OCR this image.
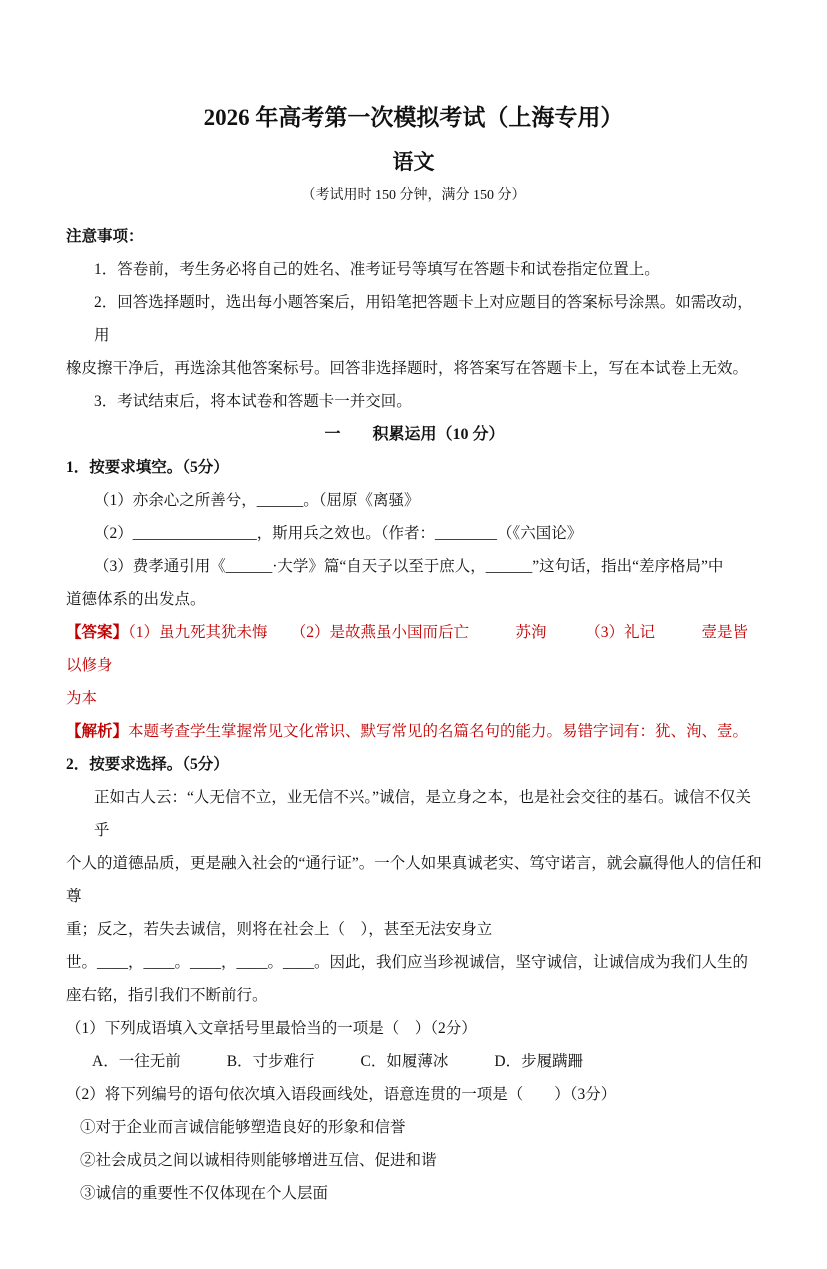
2026 年高考第一次模拟考试（上海专用）
语文
（考试用时 150 分钟，满分 150 分）
注意事项：
1．答卷前，考生务必将自己的姓名、准考证号等填写在答题卡和试卷指定位置上。
2．回答选择题时，选出每小题答案后，用铅笔把答题卡上对应题目的答案标号涂黑。如需改动，用
橡皮擦干净后，再选涂其他答案标号。回答非选择题时，将答案写在答题卡上，写在本试卷上无效。
3．考试结束后，将本试卷和答题卡一并交回。
一　　积累运用（10 分）
1．按要求填空。（5分）
（1）亦余心之所善兮，______。（屈原《离骚》
（2）________________，斯用兵之效也。（作者：________（《六国论》
（3）费孝通引用《______·大学》篇“自天子以至于庶人，______”这句话，指出“差序格局”中
道德体系的出发点。
【答案】（1）虽九死其犹未悔　　（2）是故燕虽小国而后亡　　　苏洵　　　（3）礼记　　　壹是皆以修身
为本
【解析】本题考查学生掌握常见文化常识、默写常见的名篇名句的能力。易错字词有：犹、洵、壹。
2．按要求选择。（5分）
正如古人云：“人无信不立，业无信不兴。”诚信，是立身之本，也是社会交往的基石。诚信不仅关乎
个人的道德品质，更是融入社会的“通行证”。一个人如果真诚老实、笃守诺言，就会赢得他人的信任和尊
重；反之，若失去诚信，则将在社会上（　），甚至无法安身立
世。____，____。____，____。____。因此，我们应当珍视诚信，坚守诚信，让诚信成为我们人生的
座右铭，指引我们不断前行。
（1）下列成语填入文章括号里最恰当的一项是（　）（2分）
A．一往无前	B．寸步难行	C．如履薄冰	D．步履蹒跚
（2）将下列编号的语句依次填入语段画线处，语意连贯的一项是（　　）（3分）
①对于企业而言诚信能够塑造良好的形象和信誉
②社会成员之间以诚相待则能够增进互信、促进和谐
③诚信的重要性不仅体现在个人层面
